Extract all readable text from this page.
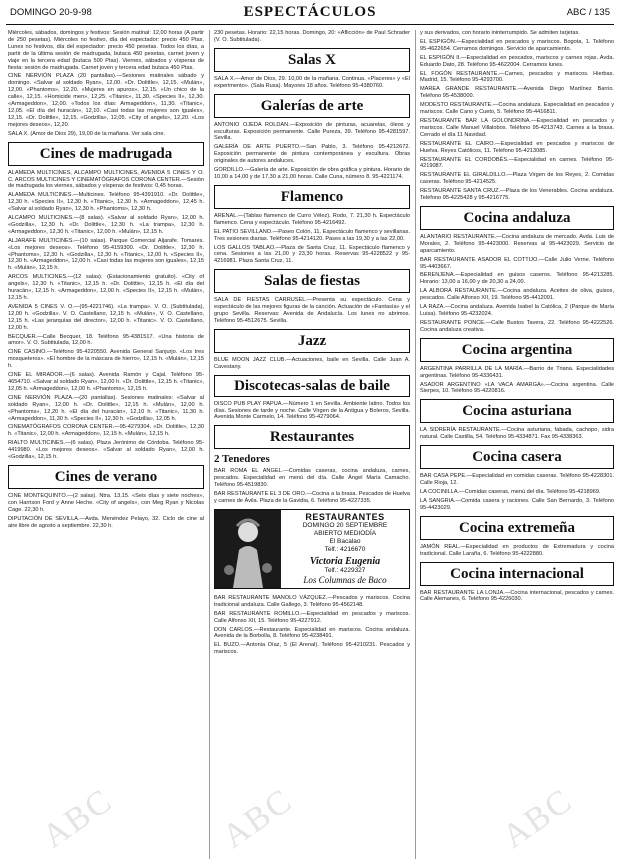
DOMINGO 20-9-98	ESPECTÁCULOS	ABC / 135

Miércoles, sábados, domingos y festivos: Sesión matinal: 12,00 horas (A partir de 250 pesetas). Miércoles no festivo, día del espectador: precio 450 Ptas. Lunes no festivos, día del espectador: precio 450 pesetas. Todos los días, a partir de la última sesión de madrugada, butaca 450 pesetas, carnet joven y viaje en la tercera edad (butaca 500 Ptas). Viernes, sábados y vísperas de fiesta: sesión de madrugada. Carnet joven y tercera edad butaca 450 Ptas.

CINE NERVIÓN PLAZA (20 pantallas).—Sesiones matinales sábado y domingo. «Salvar al soldado Ryan», 12,00. «Dr. Dolittle», 12,15. «Mulán», 12,00. «Phantoms», 12,20. «Mujeres en apuros», 12,15. «Un chico de la calle», 12,15. «Homicide men», 12,25. «Titanic», 11,30. «Species II», 12,30. «Armageddon», 12,00. «Todos los días: Armageddon», 11,30. «Titanic», 12,05. «El día del huracán», 12,10. «Casi todas las mujeres son iguales», 12,15. «Dr. Dolittle», 12,15. «Godzilla», 12,05. «City of angels», 12,20. «Los mejores deseos», 12,20.

SALA X. (Amor de Dios 29), 19,00 de la mañana. Ver sala cine.

Cines de madrugada

ALAMEDA MULTICINES, ALCAMPO MULTICINES, AVENIDA 5 CINES Y O. C. ARCOS MULTICINES Y CINEMATÓGRAFOS CORONA CENTER.—Sesión de madrugada los viernes, sábados y vísperas de festivos: 0,45 horas.

ALAMEDA MULTICINES.—Multicines. Teléfono 95-4391910. «Dr. Dolittle», 12,30 h. «Species II», 12,30 h. «Titanic», 12,30 h. «Armageddon», 12,45 h. «Salvar al soldado Ryan», 12,30 h. «Phantoms», 12,30 h.

ALCAMPO MULTICINES.—(8 salas). «Salvar al soldado Ryan», 12,00 h. «Godzilla», 12,30 h. «Dr. Dolittle», 12,30 h. «La trampa», 12,30 h. «Armageddon», 12,30 h. «Titanic», 12,00 h. «Mulán», 12,15 h.

ALJARAFE MULTICINES.—(10 salas). Parque Comercial Aljarafe. Tomares. «Los mejores deseos». Teléfono 95-4159300. «Dr. Dolittle», 12,30 h. «Phantoms», 12,30 h. «Godzilla», 12,30 h. «Titanic», 12,00 h. «Species II», 12,30 h. «Armageddon», 12,00 h. «Casi todas las mujeres son iguales», 12,15 h. «Mulán», 12,15 h.

ARCOS MULTICINES.—(12 salas). (Estacionamiento gratuito). «City of angels», 12,30 h. «Titanic», 12,15 h. «Dr. Dolittle», 12,15 h. «El día del huracán», 12,15 h. «Armageddon», 12,00 h. «Species II», 12,15 h. «Mulán», 12,15 h.

AVENIDA 5 CINES V. O.—(95-4221746). «La trampa». V. O. (Subtitulada), 12,00 h. «Godzilla». V. O. Castellano, 12,15 h. «Mulán», V. O. Castellano, 12,15 h. «Las jerarquías del director», 12,00 h. «Titanic». V. O. Castellano, 12,00 h.

BECQUER.—Calle Becquer, 18. Teléfono 95-4381517. «Una historia de amor». V. O. Subtitulada, 12,00 h.

CINE CASINO.—Teléfono 95-4220550. Avenida General Sanjurjo. «Los tres mosqueteros». «El hombre de la máscara de hierro», 12,15 h. «Mulán», 12,15 h.

CINE EL MIRADOR.—(6 salas). Avenida Ramón y Cajal. Teléfono 95-4654710. «Salvar al soldado Ryan», 12,00 h. «Dr. Dolittle», 12,15 h. «Titanic», 12,05 h. «Armageddon», 12,00 h. «Phantoms», 12,15 h.

CINE NERVIÓN PLAZA.—(20 pantallas). Sesiones matinales: «Salvar al soldado Ryan», 12,00 h. «Dr. Dolittle», 12,15 h. «Mulán», 12,00 h. «Phantoms», 12,20 h. «El día del huracán», 12,10 h. «Titanic», 11,30 h. «Armageddon», 11,30 h. «Species II», 12,30 h. «Godzilla», 12,05 h.

CINEMATÓGRAFOS CORONA CENTER.—95-4279304. «Dr. Dolittle», 12,30 h. «Titanic», 12,00 h. «Armageddon», 12,15 h. «Mulán», 12,15 h.

RIALTO MULTICINES.—(6 salas). Plaza Jerónimo de Córdoba. Teléfono 95-4419980. «Los mejores deseos». «Salvar al soldado Ryan», 12,00 h. «Godzilla», 12,15 h.

Cines de verano

CINE MONTEQUINTO.—(2 salas). Ntra. 13,15. «Seis días y siete noches», con Harrison Ford y Anne Heche. «City of angels», con Meg Ryan y Nicolas Cage. 22,30 h.

DIPUTACIÓN DE SEVILLA.—Avda. Menéndez Pelayo, 32. Ciclo de cine al aire libre de agosto a septiembre. 22,30 h.

230 pesetas. Horario: 22,15 horas. Domingo, 20: «Aflicción» de Paul Schrader (V. O. Subtitulada).

Salas X

SALA X.—Amor de Dios, 29. 10,00 de la mañana. Continua. «Placeres» y «El experimento». (Sala Rusa). Mayores 18 años. Teléfono 95-4380760.

Galerías de arte

ANTONIO OJEDA ROLDAN.—Exposición de pinturas, acuarelas, óleos y esculturas. Exposición permanente. Calle Pureza, 39. Teléfono 95-4281597. Sevilla.

GALERÍA DE ARTE PUERTO.—San Pablo, 3. Teléfono 95-4212672. Exposición permanente de pintura contemporánea y escultura. Obras originales de autores andaluces.

GORDILLO.—Galería de arte. Exposición de obra gráfica y pintura. Horario de 10,00 a 14,00 y de 17,30 a 21,00 horas. Calle Cuna, número 8. 95-4221174.

Flamenco

ARENAL.—(Tablao flamenco de Curro Vélez). Rodo, 7. 21,30 h. Espectáculo flamenco. Cena y espectáculo. Teléfono 95-4216492.

EL PATIO SEVILLANO.—Paseo Colón, 11. Espectáculo flamenco y sevillanas. Tres sesiones diarias. Teléfono 95-4214120. Pases a las 19,30 y a las 22,00.

LOS GALLOS TABLAO.—Plaza de Santa Cruz, 11. Espectáculo flamenco y cena. Sesiones a las 21,00 y 23,30 horas. Reservas 95-4228522 y 95-4216981. Plaza Santa Cruz, 11.

Salas de fiestas

SALA DE FIESTAS CARRUSEL.—Presenta su espectáculo. Cena y espectáculo de las mejores figuras de la canción. Actuación de «Fantasía» y el grupo Sevilla. Reservas: Avenida de Andalucía. Los lunes no abrimos. Teléfono 95-4512675. Sevilla.

Jazz

BLUE MOON JAZZ CLUB.—Actuaciones, baile en Sevilla. Calle Juan A. Cavestany.

Discotecas-salas de baile

DISCO PUB PLAY PAPUA.—Número 1 en Sevilla. Ambiente latino. Todos los días. Sesiones de tarde y noche. Calle Virgen de la Antigua y Boleros, Sevilla. Avenida Monte Carmelo, 14. Teléfono 95-4279064.

Restaurantes
2 Tenedores

BAR ROMA EL ANGEL.—Comidas caseras, cocina andaluza, carnes, pescados. Especialidad en menú del día. Calle Ángel María Camacho. Teléfono 95-4519830.

BAR RESTAURANTE EL 3 DE ORO.—Cocina a la brasa. Pescados de Huelva y carnes de Ávila. Plaza de la Gavidia, 6. Teléfono 95-4227335.

RESTAURANTES
DOMINGO 20 SEPTIEMBRE
ABIERTO MEDIODÍA
El Bacalao
Telf.: 4216670
Victoria Eugenia
Telf.: 4229327
Los Columnas de Baco

BAR RESTAURANTE MANOLO VÁZQUEZ.—Pescados y mariscos. Cocina tradicional andaluza. Calle Gallego, 3. Teléfono 95-4562148.

BAR RESTAURANTE ROMILLO.—Especialidad en pescados y mariscos. Calle Alfonso XII, 15. Teléfono 95-4227912.

DON CARLOS.—Restaurante. Especialidad en mariscos. Cocina andaluza. Avenida de la Borbolla, 8. Teléfono 95-4238491.

EL BUZO.—Antonia Díaz, 5 (El Arenal). Teléfono 95-4210231. Pescados y mariscos.

y sus derivados, con horario ininterrumpido. Se admiten tarjetas.

EL ESPIGÓN.—Especialidad en pescados y mariscos. Bogota, 1. Teléfono 95-4622654. Cerramos domingos. Servicio de aparcamiento.

EL ESPIGÓN II.—Especialidad en pescados, mariscos y carnes rojas. Avda. Eduardo Dato, 28. Teléfono 95-4622004. Cerramos lunes.

EL FOGÓN RESTAURANTE.—Carnes, pescados y mariscos. Hierbas. Madrid, 15. Teléfono 95-4293700.

MAREA GRANDE RESTAURANTE.—Avenida Diego Martínez Barrio. Teléfono 95-4538000.

MODESTO RESTAURANTE.—Cocina andaluza. Especialidad en pescados y mariscos. Calle Cano y Cueto, 5. Teléfono 95-4416811.

RESTAURANTE BAR LA GOLONDRINA.—Especialidad en pescados y mariscos. Calle Manuel Villalobos. Teléfono 95-4213743. Carnes a la brasa. Cerrado el día 11 Navidad.

RESTAURANTE EL CAIRO.—Especialidad en pescados y mariscos de Huelva. Reyes Católicos, 11. Teléfono 95-4213085.

RESTAURANTE EL CORDOBÉS.—Especialidad en carnes. Teléfono 95-4219087.

RESTAURANTE EL GIRALDILLO.—Plaza Virgen de los Reyes, 2. Comidas caseras. Teléfono 95-4214525.

RESTAURANTE SANTA CRUZ.—Plaza de los Venerables. Cocina andaluza. Teléfono 95-4225428 y 95-4216775.

Cocina andaluza

ALANTARIO RESTAURANTE.—Cocina andaluza de mercado. Avda. Luis de Morales, 2. Teléfono 95-4423000. Reservas al 95-4423029. Servicio de aparcamiento.

BAR RESTAURANTE ASADOR EL COTTIJO.—Calle Julio Verne. Teléfono 95-4403667.

BERENJENA.—Especialidad en guisos caseros. Teléfono 95-4213285. Horario: 13,00 a 16,00 y de 20,30 a 24,00.

LA ALBORÁ RESTAURANTE.—Cocina andaluza. Aceites de oliva, guisos, pescados. Calle Alfonso XII, 19. Teléfono 95-4412091.

LA RAZA.—Cocina andaluza. Avenida Isabel la Católica, 2 (Parque de María Luisa). Teléfono 95-4232024.

RESTAURANTE PONCE.—Calle Bustos Tavera, 22. Teléfono 95-4222526. Cocina andaluza creativa.

Cocina argentina

ARGENTINA PARRILLA DE LA MARÍA.—Barrio de Triana. Especialidades argentinas. Teléfono 95-4336431.

ASADOR ARGENTINO «LA VACA AMARGA».—Cocina argentina. Calle Sierpes, 10. Teléfono 95-4220816.

Cocina asturiana

LA SIDRERÍA RESTAURANTE.—Cocina asturiana, fabada, cachopo, sidra natural. Calle Castilla, 54. Teléfono 95-4334871. Fax 95-4338363.

Cocina casera

BAR CASA PEPE.—Especialidad en comidas caseras. Teléfono 95-4228301. Calle Rioja, 12.

LA COCINILLA.—Comidas caseras, menú del día. Teléfono 95-4218969.

LA SANGRIA.—Comida casera y raciones. Calle San Bernardo, 3. Teléfono 95-4423029.

Cocina extremeña

JAMÓN REAL.—Especialidad en productos de Extremadura y cocina tradicional. Calle Laraña, 6. Teléfono 95-4222880.

Cocina internacional

BAR RESTAURANTE LA LONJA.—Cocina internacional, pescados y carnes. Calle Alemanes, 6. Teléfono 95-4226030.

ABC	ABC	ABC
